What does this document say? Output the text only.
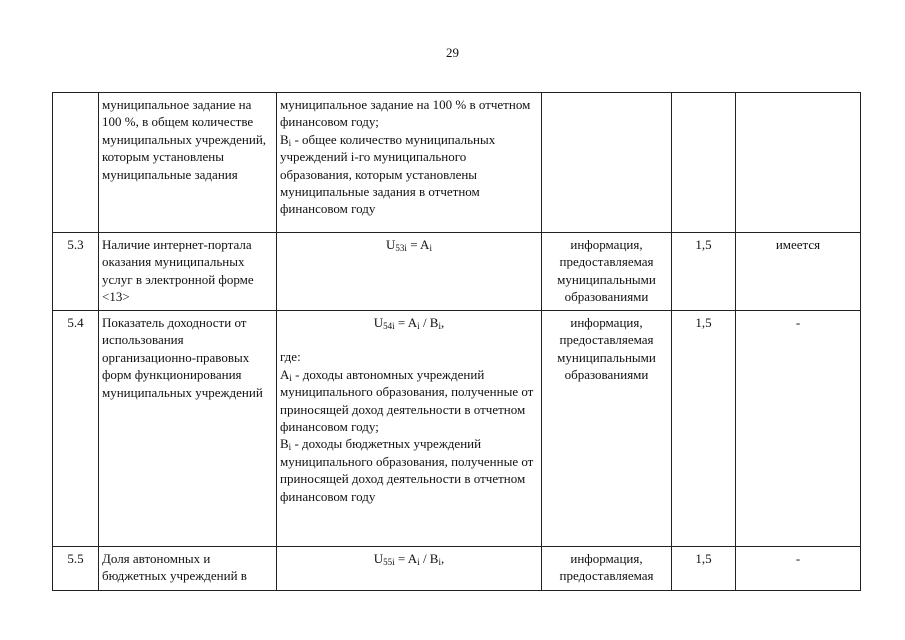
29
	муниципальное задание на 100 %, в общем количестве муниципальных учреждений, которым установлены муниципальные задания	муниципальное задание на 100 % в отчетном финансовом году;
$B_i$ - общее количество муниципальных учреждений i-го муниципального образования, которым установлены муниципальные задания в отчетном финансовом году			

5.3	Наличие интернет-портала оказания муниципальных услуг в электронной форме <13>	$U_{53i} = A_i$	информация, предоставляемая муниципальными образованиями	1,5	имеется
5.4	Показатель доходности от использования организационно-правовых форм функционирования муниципальных учреждений	$U_{54i} = A_i / B_i$,
где:
$A_i$ - доходы автономных учреждений муниципального образования, полученные от приносящей доход деятельности в отчетном финансовом году;
$B_i$ - доходы бюджетных учреждений муниципального образования, полученные от приносящей доход деятельности в отчетном финансовом году	информация, предоставляемая муниципальными образованиями	1,5	-
5.5	Доля автономных и бюджетных учреждений в	$U_{55i} = A_i / B_i$,	информация, предоставляемая	1,5	-
